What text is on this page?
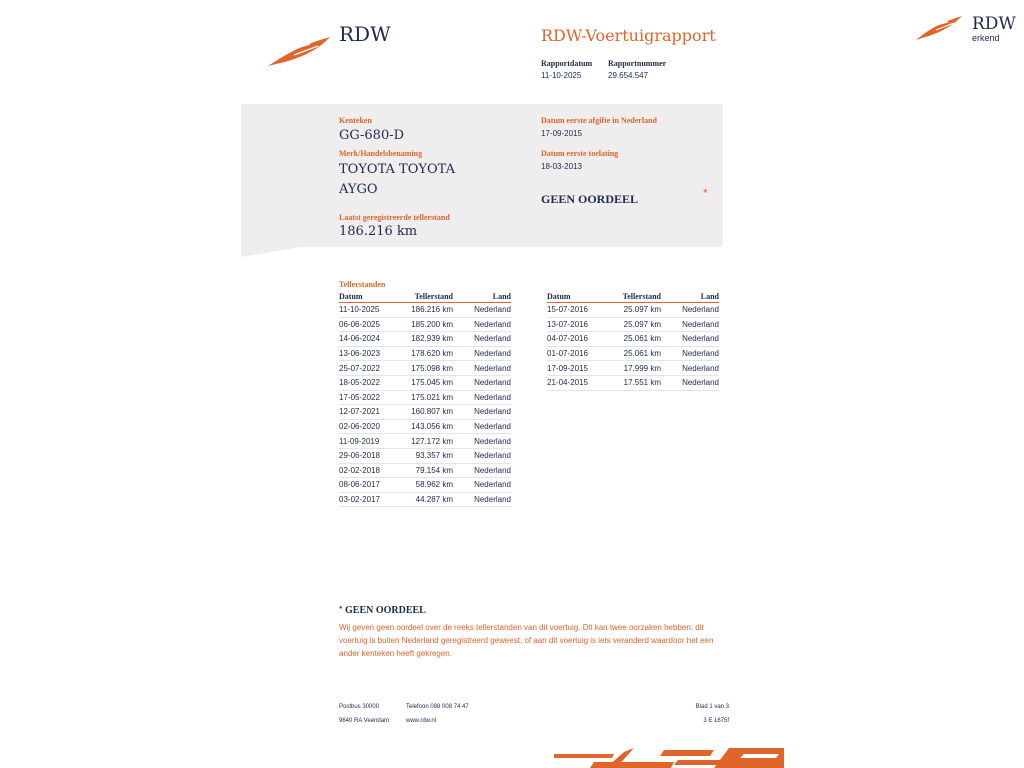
RDW
erkend
RDW	RDW-Voertuigrapport
Rapportdatum
11-10-2025
Rapportnummer
29.654.547
Kenteken
GG-680-D
Merk/Handelsbenaming
TOYOTA TOYOTA
AYGO
Laatst geregistreerde tellerstand
186.216 km
Datum eerste afgifte in Nederland
17-09-2015
Datum eerste toelating
18-03-2013
GEEN OORDEEL	*
Tellerstanden
Datum	Tellerstand	Land
11-10-2025	186.216 km	Nederland
06-06-2025	185.200 km	Nederland
14-06-2024	182.939 km	Nederland
13-06-2023	178.620 km	Nederland
25-07-2022	175.098 km	Nederland
18-05-2022	175.045 km	Nederland
17-05-2022	175.021 km	Nederland
12-07-2021	160.807 km	Nederland
02-06-2020	143.056 km	Nederland
11-09-2019	127.172 km	Nederland
29-06-2018	93.357 km	Nederland
02-02-2018	79.154 km	Nederland
08-06-2017	58.962 km	Nederland
03-02-2017	44.287 km	Nederland
Datum	Tellerstand	Land
15-07-2016	25.097 km	Nederland
13-07-2016	25.097 km	Nederland
04-07-2016	25.061 km	Nederland
01-07-2016	25.061 km	Nederland
17-09-2015	17.999 km	Nederland
21-04-2015	17.551 km	Nederland
* GEEN OORDEEL
Wij geven geen oordeel over de reeks tellerstanden van dit voertuig. Dit kan twee oorzaken hebben: dit
voertuig is buiten Nederland geregistreerd geweest, of aan dit voertuig is iets veranderd waardoor het een
ander kenteken heeft gekregen.
Postbus 30000
9640 RA Veendam
Telefoon 088 008 74 47
www.rdw.nl
Blad 1 van 3
3 E 1675f
